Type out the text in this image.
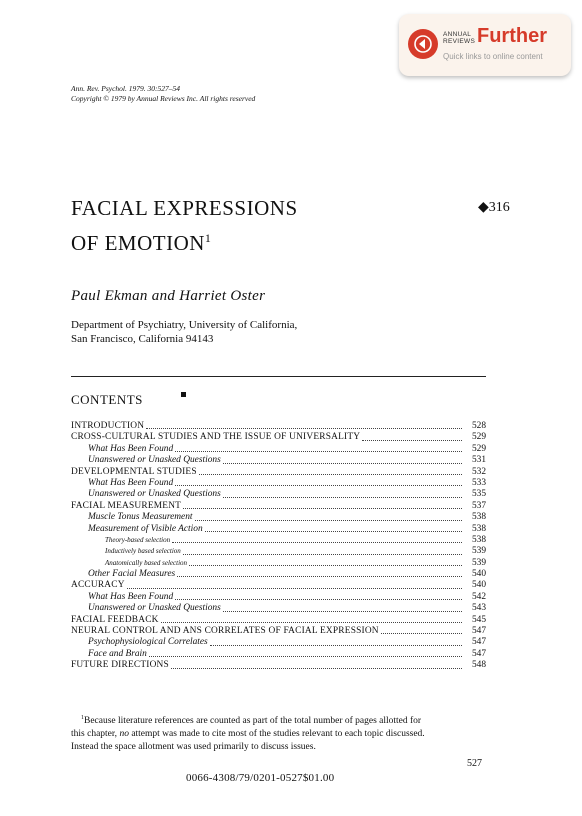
ANNUAL
REVIEWS Further
Quick links to online content
Ann. Rev. Psychol. 1979. 30:527–54
Copyright © 1979 by Annual Reviews Inc. All rights reserved
FACIAL EXPRESSIONS
OF EMOTION$^1$
◆316
Paul Ekman and Harriet Oster
Department of Psychiatry, University of California,
San Francisco, California 94143
CONTENTS
INTRODUCTION	528
CROSS-CULTURAL STUDIES AND THE ISSUE OF UNIVERSALITY	529
What Has Been Found	529
Unanswered or Unasked Questions	531
DEVELOPMENTAL STUDIES	532
What Has Been Found	533
Unanswered or Unasked Questions	535
FACIAL MEASUREMENT	537
Muscle Tonus Measurement	538
Measurement of Visible Action	538
Theory-based selection	538
Inductively based selection	539
Anatomically based selection	539
Other Facial Measures	540
ACCURACY	540
What Has Been Found	542
Unanswered or Unasked Questions	543
FACIAL FEEDBACK	545
NEURAL CONTROL AND ANS CORRELATES OF FACIAL EXPRESSION	547
Psychophysiological Correlates	547
Face and Brain	547
FUTURE DIRECTIONS	548
$^1$Because literature references are counted as part of the total number of pages allotted for
this chapter, no attempt was made to cite most of the studies relevant to each topic discussed.
Instead the space allotment was used primarily to discuss issues.
527
0066-4308/79/0201-0527$01.00
